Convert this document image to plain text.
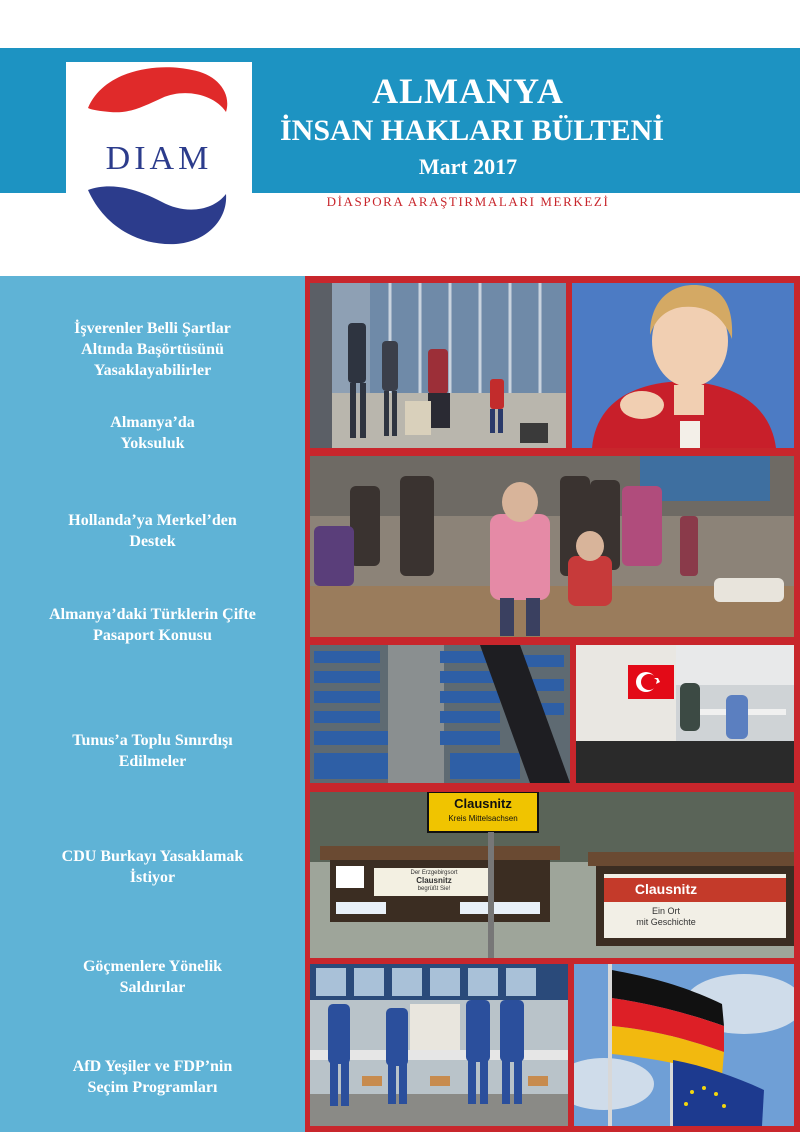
DIAM
ALMANYA
İNSAN HAKLARI BÜLTENİ
Mart 2017
DİASPORA ARAŞTIRMALARI MERKEZİ
İşverenler Belli Şartlar
Altında Başörtüsünü
Yasaklayabilirler
Almanya’da
Yoksuluk
Hollanda’ya Merkel’den
Destek
Almanya’daki Türklerin Çifte
Pasaport Konusu
Tunus’a Toplu Sınırdışı
Edilmeler
CDU Burkayı Yasaklamak
İstiyor
Göçmenlere Yönelik
Saldırılar
AfD Yeşiler ve FDP’nin
Seçim Programları
Clausnitz
Kreis Mittelsachsen
Der Erzgebirgsort
Clausnitz
begrüßt Sie!	Clausnitz
Ein Ort
mit Geschichte
